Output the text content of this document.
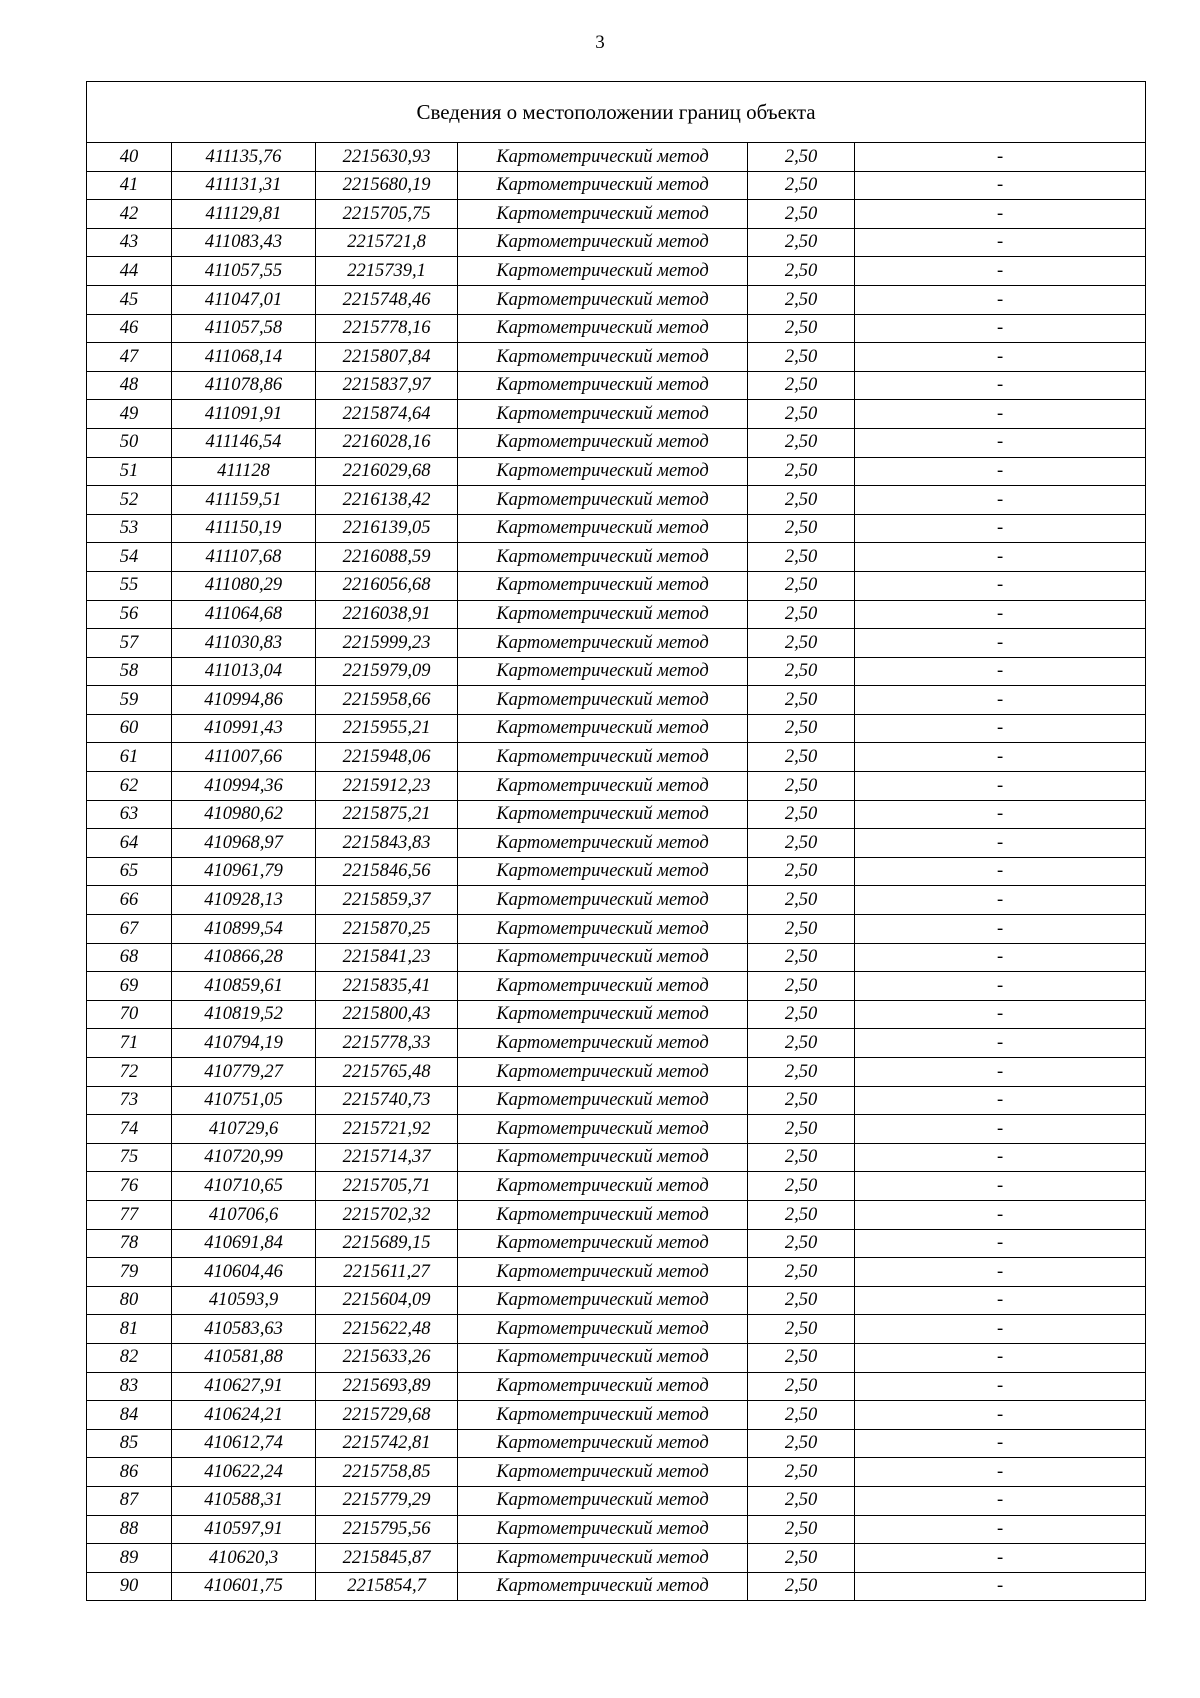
3
Сведения о местоположении границ объекта					
40	411135,76	2215630,93	Картометрический метод	2,50	-
41	411131,31	2215680,19	Картометрический метод	2,50	-
42	411129,81	2215705,75	Картометрический метод	2,50	-
43	411083,43	2215721,8	Картометрический метод	2,50	-
44	411057,55	2215739,1	Картометрический метод	2,50	-
45	411047,01	2215748,46	Картометрический метод	2,50	-
46	411057,58	2215778,16	Картометрический метод	2,50	-
47	411068,14	2215807,84	Картометрический метод	2,50	-
48	411078,86	2215837,97	Картометрический метод	2,50	-
49	411091,91	2215874,64	Картометрический метод	2,50	-
50	411146,54	2216028,16	Картометрический метод	2,50	-
51	411128	2216029,68	Картометрический метод	2,50	-
52	411159,51	2216138,42	Картометрический метод	2,50	-
53	411150,19	2216139,05	Картометрический метод	2,50	-
54	411107,68	2216088,59	Картометрический метод	2,50	-
55	411080,29	2216056,68	Картометрический метод	2,50	-
56	411064,68	2216038,91	Картометрический метод	2,50	-
57	411030,83	2215999,23	Картометрический метод	2,50	-
58	411013,04	2215979,09	Картометрический метод	2,50	-
59	410994,86	2215958,66	Картометрический метод	2,50	-
60	410991,43	2215955,21	Картометрический метод	2,50	-
61	411007,66	2215948,06	Картометрический метод	2,50	-
62	410994,36	2215912,23	Картометрический метод	2,50	-
63	410980,62	2215875,21	Картометрический метод	2,50	-
64	410968,97	2215843,83	Картометрический метод	2,50	-
65	410961,79	2215846,56	Картометрический метод	2,50	-
66	410928,13	2215859,37	Картометрический метод	2,50	-
67	410899,54	2215870,25	Картометрический метод	2,50	-
68	410866,28	2215841,23	Картометрический метод	2,50	-
69	410859,61	2215835,41	Картометрический метод	2,50	-
70	410819,52	2215800,43	Картометрический метод	2,50	-
71	410794,19	2215778,33	Картометрический метод	2,50	-
72	410779,27	2215765,48	Картометрический метод	2,50	-
73	410751,05	2215740,73	Картометрический метод	2,50	-
74	410729,6	2215721,92	Картометрический метод	2,50	-
75	410720,99	2215714,37	Картометрический метод	2,50	-
76	410710,65	2215705,71	Картометрический метод	2,50	-
77	410706,6	2215702,32	Картометрический метод	2,50	-
78	410691,84	2215689,15	Картометрический метод	2,50	-
79	410604,46	2215611,27	Картометрический метод	2,50	-
80	410593,9	2215604,09	Картометрический метод	2,50	-
81	410583,63	2215622,48	Картометрический метод	2,50	-
82	410581,88	2215633,26	Картометрический метод	2,50	-
83	410627,91	2215693,89	Картометрический метод	2,50	-
84	410624,21	2215729,68	Картометрический метод	2,50	-
85	410612,74	2215742,81	Картометрический метод	2,50	-
86	410622,24	2215758,85	Картометрический метод	2,50	-
87	410588,31	2215779,29	Картометрический метод	2,50	-
88	410597,91	2215795,56	Картометрический метод	2,50	-
89	410620,3	2215845,87	Картометрический метод	2,50	-
90	410601,75	2215854,7	Картометрический метод	2,50	-
